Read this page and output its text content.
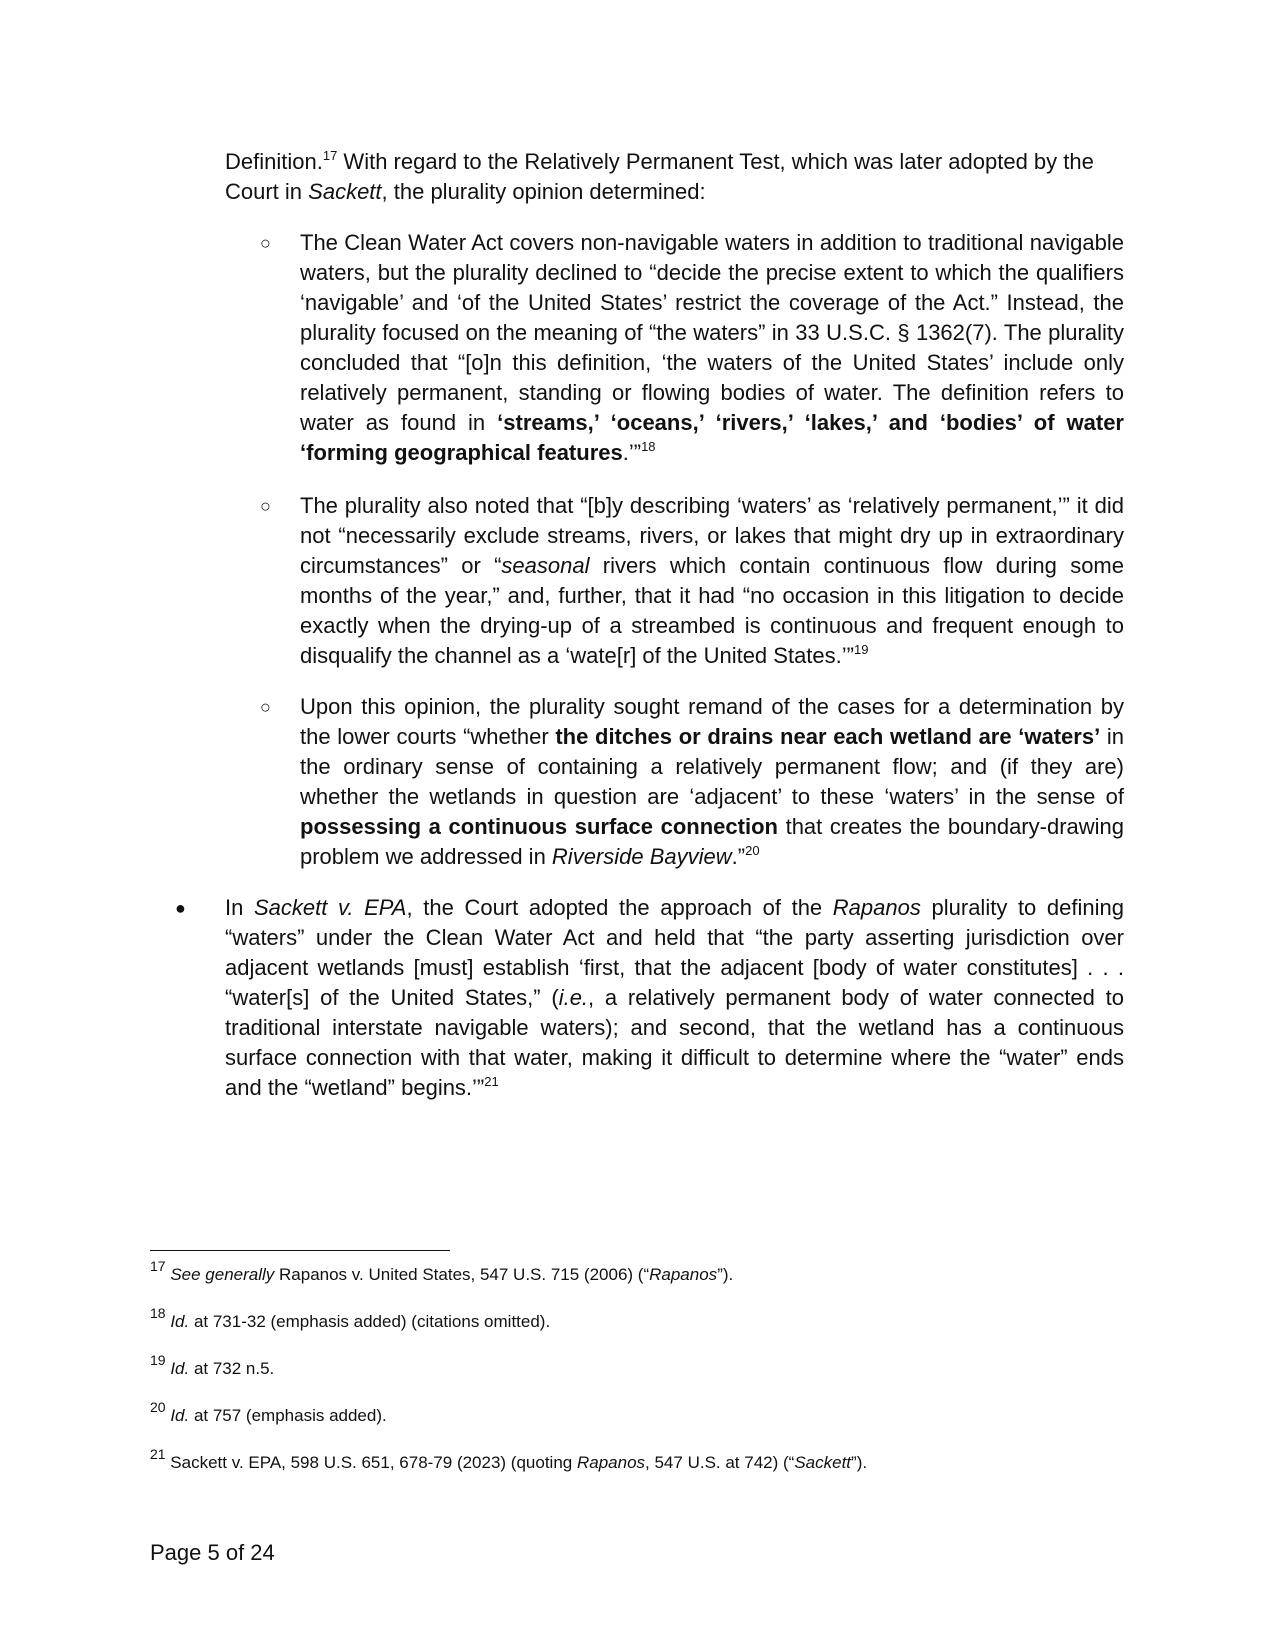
Definition.$^{17}$ With regard to the Relatively Permanent Test, which was later adopted by the Court in Sackett, the plurality opinion determined:
○ The Clean Water Act covers non-navigable waters in addition to traditional navigable waters, but the plurality declined to “decide the precise extent to which the qualifiers ‘navigable’ and ‘of the United States’ restrict the coverage of the Act.” Instead, the plurality focused on the meaning of “the waters” in 33 U.S.C. § 1362(7). The plurality concluded that “[o]n this definition, ‘the waters of the United States’ include only relatively permanent, standing or flowing bodies of water. The definition refers to water as found in ‘streams,’ ‘oceans,’ ‘rivers,’ ‘lakes,’ and ‘bodies’ of water ‘forming geographical features.’”$^{18}$
○ The plurality also noted that “[b]y describing ‘waters’ as ‘relatively permanent,’” it did not “necessarily exclude streams, rivers, or lakes that might dry up in extraordinary circumstances” or “seasonal rivers which contain continuous flow during some months of the year,” and, further, that it had “no occasion in this litigation to decide exactly when the drying-up of a streambed is continuous and frequent enough to disqualify the channel as a ‘wate[r] of the United States.’”$^{19}$
○ Upon this opinion, the plurality sought remand of the cases for a determination by the lower courts “whether the ditches or drains near each wetland are ‘waters’ in the ordinary sense of containing a relatively permanent flow; and (if they are) whether the wetlands in question are ‘adjacent’ to these ‘waters’ in the sense of possessing a continuous surface connection that creates the boundary-drawing problem we addressed in Riverside Bayview.”$^{20}$
● In Sackett v. EPA, the Court adopted the approach of the Rapanos plurality to defining “waters” under the Clean Water Act and held that “the party asserting jurisdiction over adjacent wetlands [must] establish ‘first, that the adjacent [body of water constitutes] . . . “water[s] of the United States,” (i.e., a relatively permanent body of water connected to traditional interstate navigable waters); and second, that the wetland has a continuous surface connection with that water, making it difficult to determine where the “water” ends and the “wetland” begins.’”$^{21}$
$^{17}$ See generally Rapanos v. United States, 547 U.S. 715 (2006) (“Rapanos”).
$^{18}$ Id. at 731-32 (emphasis added) (citations omitted).
$^{19}$ Id. at 732 n.5.
$^{20}$ Id. at 757 (emphasis added).
$^{21}$ Sackett v. EPA, 598 U.S. 651, 678-79 (2023) (quoting Rapanos, 547 U.S. at 742) (“Sackett”).
Page 5 of 24
